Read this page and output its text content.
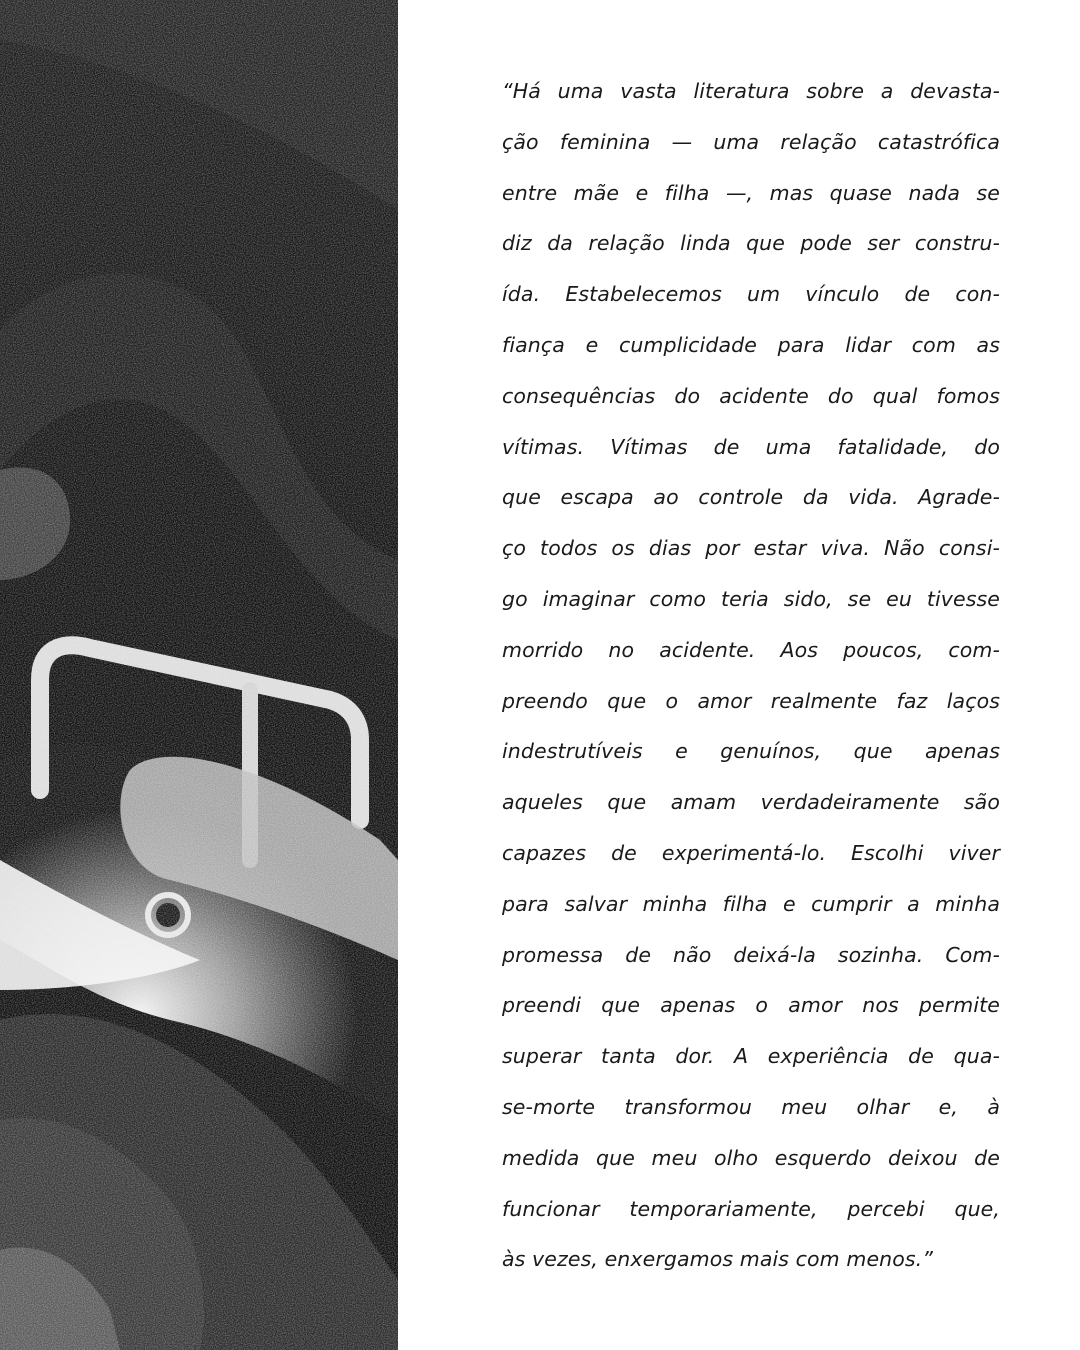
“Há uma vasta literatura sobre a devasta-
ção feminina — uma relação catastrófica
entre mãe e filha —, mas quase nada se
diz da relação linda que pode ser constru-
ída. Estabelecemos um vínculo de con-
fiança e cumplicidade para lidar com as
consequências do acidente do qual fomos
vítimas. Vítimas de uma fatalidade, do
que escapa ao controle da vida. Agrade-
ço todos os dias por estar viva. Não consi-
go imaginar como teria sido, se eu tivesse
morrido no acidente. Aos poucos, com-
preendo que o amor realmente faz laços
indestrutíveis e genuínos, que apenas
aqueles que amam verdadeiramente são
capazes de experimentá-lo. Escolhi viver
para salvar minha filha e cumprir a minha
promessa de não deixá-la sozinha. Com-
preendi que apenas o amor nos permite
superar tanta dor. A experiência de qua-
se-morte transformou meu olhar e, à
medida que meu olho esquerdo deixou de
funcionar temporariamente, percebi que,
às vezes, enxergamos mais com menos.”
